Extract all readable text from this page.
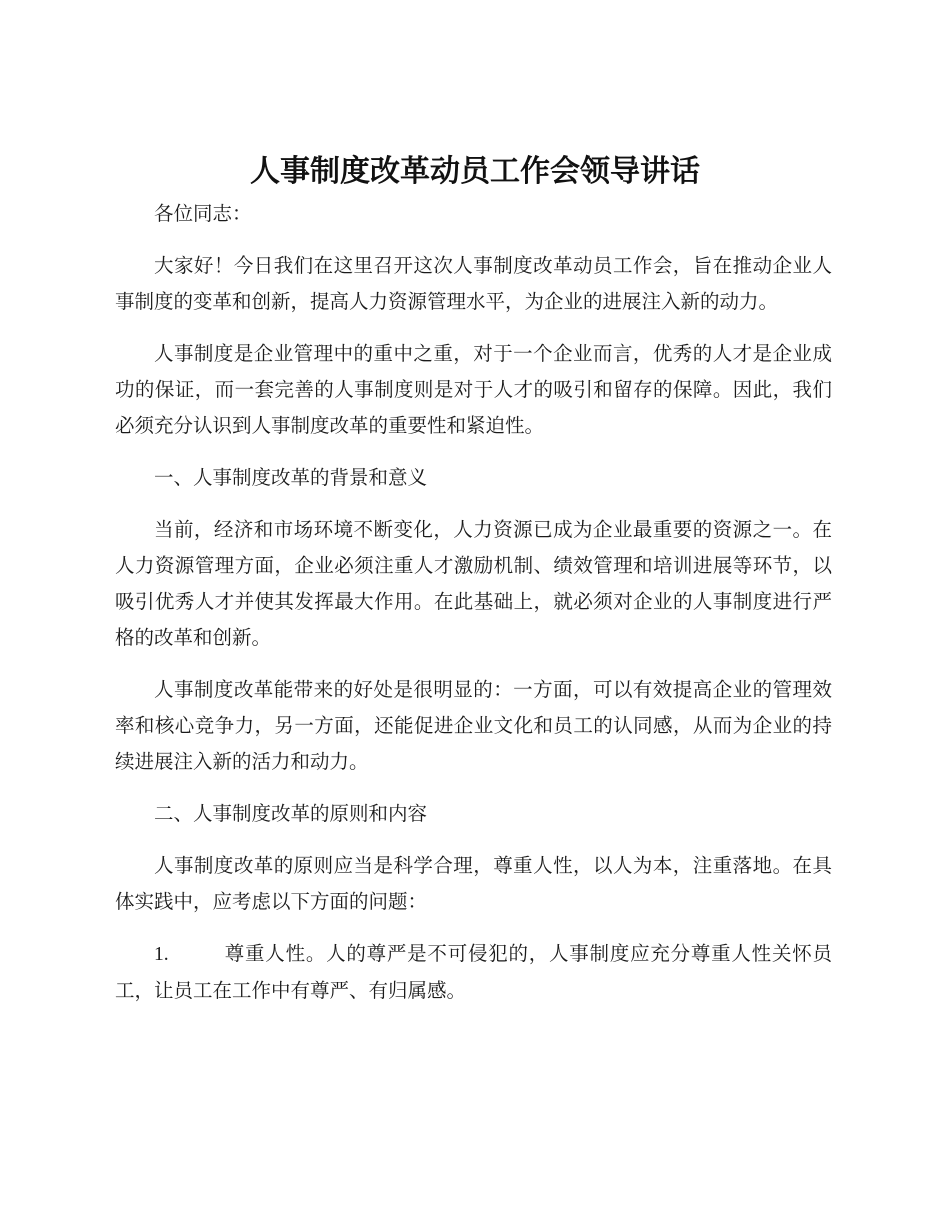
人事制度改革动员工作会领导讲话

各位同志：

大家好！今日我们在这里召开这次人事制度改革动员工作会，旨在推动企业人事制度的变革和创新，提高人力资源管理水平，为企业的进展注入新的动力。

人事制度是企业管理中的重中之重，对于一个企业而言，优秀的人才是企业成功的保证，而一套完善的人事制度则是对于人才的吸引和留存的保障。因此，我们必须充分认识到人事制度改革的重要性和紧迫性。

一、人事制度改革的背景和意义

当前，经济和市场环境不断变化，人力资源已成为企业最重要的资源之一。在人力资源管理方面，企业必须注重人才激励机制、绩效管理和培训进展等环节，以吸引优秀人才并使其发挥最大作用。在此基础上，就必须对企业的人事制度进行严格的改革和创新。

人事制度改革能带来的好处是很明显的：一方面，可以有效提高企业的管理效率和核心竞争力，另一方面，还能促进企业文化和员工的认同感，从而为企业的持续进展注入新的活力和动力。

二、人事制度改革的原则和内容

人事制度改革的原则应当是科学合理，尊重人性，以人为本，注重落地。在具体实践中，应考虑以下方面的问题：

1.	尊重人性。人的尊严是不可侵犯的，人事制度应充分尊重人性关怀员工，让员工在工作中有尊严、有归属感。
